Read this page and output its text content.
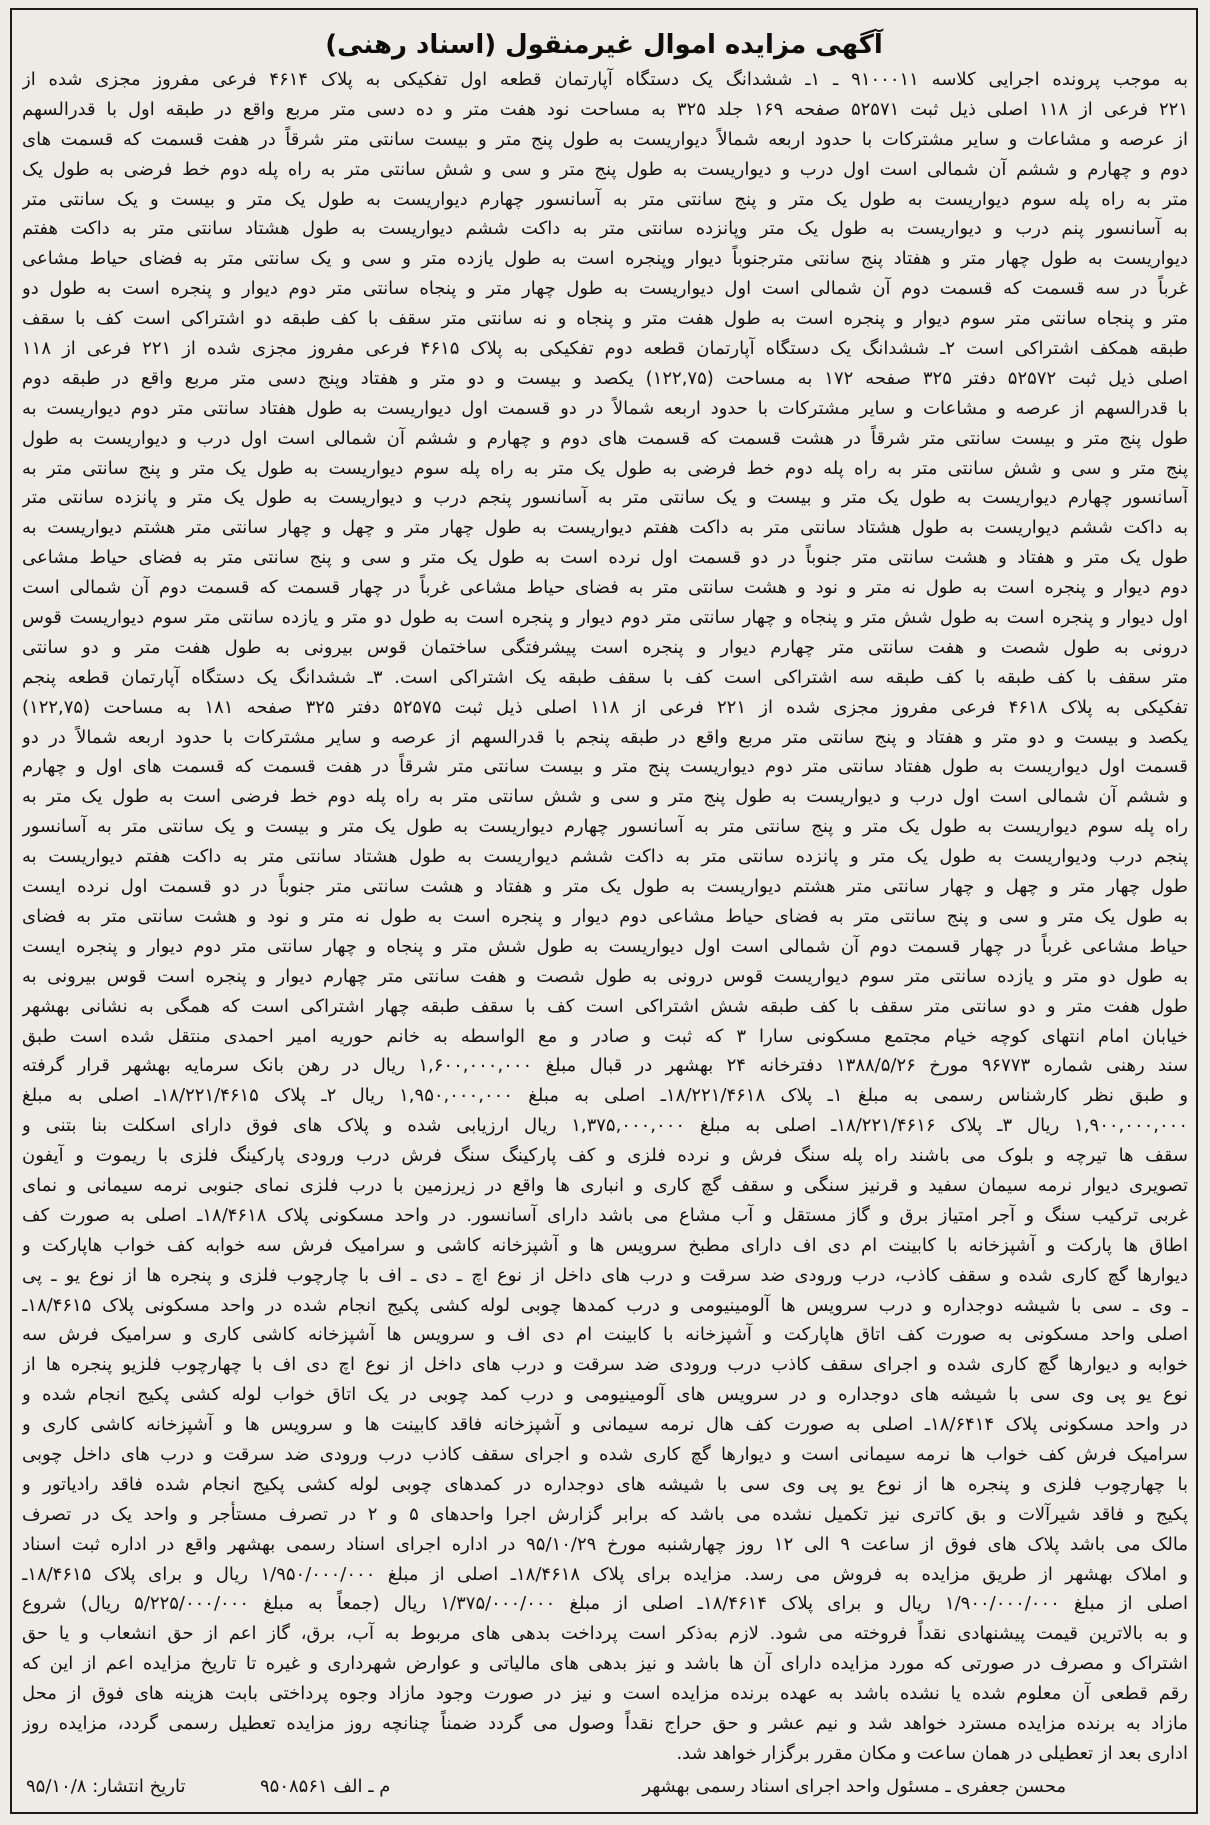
آگهی مزایده اموال غیرمنقول (اسناد رهنی)
به موجب پرونده اجرایی کلاسه ۹۱۰۰۰۱۱ ـ ۱ـ ششدانگ یک دستگاه آپارتمان قطعه اول تفکیکی به پلاک ۴۶۱۴ فرعی مفروز مجزی شده از
۲۲۱ فرعی از ۱۱۸ اصلی ذیل ثبت ۵۲۵۷۱ صفحه ۱۶۹ جلد ۳۲۵ به مساحت نود هفت متر و ده دسی متر مربع واقع در طبقه اول با قدرالسهم
از عرصه و مشاعات و سایر مشترکات با حدود اربعه شمالاً دیواریست به طول پنج متر و بیست سانتی متر شرقاً در هفت قسمت که قسمت های
دوم و چهارم و ششم آن شمالی است اول درب و دیواریست به طول پنج متر و سی و شش سانتی متر به راه پله دوم خط فرضی به طول یک
متر به راه پله سوم دیواریست به طول یک متر و پنج سانتی متر به آسانسور چهارم دیواریست به طول یک متر و بیست و یک سانتی متر
به آسانسور پنم درب و دیواریست به طول یک متر وپانزده سانتی متر به داکت ششم دیواریست به طول هشتاد سانتی متر به داکت هفتم
دیواریست به طول چهار متر و هفتاد پنج سانتی مترجنوباً دیوار وپنجره است به طول یازده متر و سی و یک سانتی متر به فضای حیاط مشاعی
غرباً در سه قسمت که قسمت دوم آن شمالی است اول دیواریست به طول چهار متر و پنجاه سانتی متر دوم دیوار و پنجره است به طول دو
متر و پنجاه سانتی متر سوم دیوار و پنجره است به طول هفت متر و پنجاه و نه سانتی متر سقف با کف طبقه دو اشتراکی است کف با سقف
طبقه همکف اشتراکی است ۲ـ ششدانگ یک دستگاه آپارتمان قطعه دوم تفکیکی به پلاک ۴۶۱۵ فرعی مفروز مجزی شده از ۲۲۱ فرعی از ۱۱۸
اصلی ذیل ثبت ۵۲۵۷۲ دفتر ۳۲۵ صفحه ۱۷۲ به مساحت (۱۲۲,۷۵) یکصد و بیست و دو متر و هفتاد وپنج دسی متر مربع واقع در طبقه دوم
با قدرالسهم از عرصه و مشاعات و سایر مشترکات با حدود اربعه شمالاً در دو قسمت اول دیواریست به طول هفتاد سانتی متر دوم دیواریست به
طول پنج متر و بیست سانتی متر شرقاً در هشت قسمت که قسمت های دوم و چهارم و ششم آن شمالی است اول درب و دیواریست به طول
پنج متر و سی و شش سانتی متر به راه پله دوم خط فرضی به طول یک متر به راه پله سوم دیواریست به طول یک متر و پنج سانتی متر به
آسانسور چهارم دیواریست به طول یک متر و بیست و یک سانتی متر به آسانسور پنجم درب و دیواریست به طول یک متر و پانزده سانتی متر
به داکت ششم دیواریست به طول هشتاد سانتی متر به داکت هفتم دیواریست به طول چهار متر و چهل و چهار سانتی متر هشتم دیواریست به
طول یک متر و هفتاد و هشت سانتی متر جنوباً در دو قسمت اول نرده است به طول یک متر و سی و پنج سانتی متر به فضای حیاط مشاعی
دوم دیوار و پنجره است به طول نه متر و نود و هشت سانتی متر به فضای حیاط مشاعی غرباً در چهار قسمت که قسمت دوم آن شمالی است
اول دیوار و پنجره است به طول شش متر و پنجاه و چهار سانتی متر دوم دیوار و پنجره است به طول دو متر و یازده سانتی متر سوم دیواریست قوس
درونی به طول شصت و هفت سانتی متر چهارم دیوار و پنجره است پیشرفتگی ساختمان قوس بیرونی به طول هفت متر و دو سانتی
متر سقف با کف طبقه با کف طبقه سه اشتراکی است کف با سقف طبقه یک اشتراکی است. ۳ـ ششدانگ یک دستگاه آپارتمان قطعه پنجم
تفکیکی به پلاک ۴۶۱۸ فرعی مفروز مجزی شده از ۲۲۱ فرعی از ۱۱۸ اصلی ذیل ثبت ۵۲۵۷۵ دفتر ۳۲۵ صفحه ۱۸۱ به مساحت (۱۲۲,۷۵)
یکصد و بیست و دو متر و هفتاد و پنج سانتی متر مربع واقع در طبقه پنجم با قدرالسهم از عرصه و سایر مشترکات با حدود اربعه شمالاً در دو
قسمت اول دیواریست به طول هفتاد سانتی متر دوم دیواریست پنج متر و بیست سانتی متر شرقاً در هفت قسمت که قسمت های اول و چهارم
و ششم آن شمالی است اول درب و دیواریست به طول پنج متر و سی و شش سانتی متر به راه پله دوم خط فرضی است به طول یک متر به
راه پله سوم دیواریست به طول یک متر و پنج سانتی متر به آسانسور چهارم دیواریست به طول یک متر و بیست و یک سانتی متر به آسانسور
پنجم درب ودیواریست به طول یک متر و پانزده سانتی متر به داکت ششم دیواریست به طول هشتاد سانتی متر به داکت هفتم دیواریست به
طول چهار متر و چهل و چهار سانتی متر هشتم دیواریست به طول یک متر و هفتاد و هشت سانتی متر جنوباً در دو قسمت اول نرده ایست
به طول یک متر و سی و پنج سانتی متر به فضای حیاط مشاعی دوم دیوار و پنجره است به طول نه متر و نود و هشت سانتی متر به فضای
حیاط مشاعی غرباً در چهار قسمت دوم آن شمالی است اول دیواریست به طول شش متر و پنجاه و چهار سانتی متر دوم دیوار و پنجره ایست
به طول دو متر و یازده سانتی متر سوم دیواریست قوس درونی به طول شصت و هفت سانتی متر چهارم دیوار و پنجره است قوس بیرونی به
طول هفت متر و دو سانتی متر سقف با کف طبقه شش اشتراکی است کف با سقف طبقه چهار اشتراکی است که همگی به نشانی بهشهر
خیابان امام انتهای کوچه خیام مجتمع مسکونی سارا ۳ که ثبت و صادر و مع الواسطه به خانم حوریه امیر احمدی منتقل شده است طبق
سند رهنی شماره ۹۶۷۷۳ مورخ ۱۳۸۸/۵/۲۶ دفترخانه ۲۴ بهشهر در قبال مبلغ ۱,۶۰۰,۰۰۰,۰۰۰ ریال در رهن بانک سرمایه بهشهر قرار گرفته
و طبق نظر کارشناس رسمی به مبلغ ۱ـ پلاک ۱۸/۲۲۱/۴۶۱۸ـ اصلی به مبلغ ۱,۹۵۰,۰۰۰,۰۰۰ ریال ۲ـ پلاک ۱۸/۲۲۱/۴۶۱۵ـ اصلی به مبلغ
۱,۹۰۰,۰۰۰,۰۰۰ ریال ۳ـ پلاک ۱۸/۲۲۱/۴۶۱۶ـ اصلی به مبلغ ۱,۳۷۵,۰۰۰,۰۰۰ ریال ارزیابی شده و پلاک های فوق دارای اسکلت بنا بتنی و
سقف ها تیرچه و بلوک می باشند راه پله سنگ فرش و نرده فلزی و کف پارکینگ سنگ فرش درب ورودی پارکینگ فلزی با ریموت و آیفون
تصویری دیوار نرمه سیمان سفید و قرنیز سنگی و سقف گچ کاری و انباری ها واقع در زیرزمین با درب فلزی نمای جنوبی نرمه سیمانی و نمای
غربی ترکیب سنگ و آجر امتیاز برق و گاز مستقل و آب مشاع می باشد دارای آسانسور. در واحد مسکونی پلاک ۱۸/۴۶۱۸ـ اصلی به صورت کف
اطاق ها پارکت و آشپزخانه با کابینت ام دی اف دارای مطبخ سرویس ها و آشپزخانه کاشی و سرامیک فرش سه خوابه کف خواب هاپارکت و
دیوارها گچ کاری شده و سقف کاذب، درب ورودی ضد سرقت و درب های داخل از نوع اچ ـ دی ـ اف با چارچوب فلزی و پنجره ها از نوع یو ـ پی
ـ وی ـ سی با شیشه دوجداره و درب سرویس ها آلومینیومی و درب کمدها چوبی لوله کشی پکیج انجام شده در واحد مسکونی پلاک ۱۸/۴۶۱۵ـ
اصلی واحد مسکونی به صورت کف اتاق هاپارکت و آشپزخانه با کابینت ام دی اف و سرویس ها آشپزخانه کاشی کاری و سرامیک فرش سه
خوابه و دیوارها گچ کاری شده و اجرای سقف کاذب درب ورودی ضد سرقت و درب های داخل از نوع اچ دی اف با چهارچوب فلزیو پنجره ها از
نوع یو پی وی سی با شیشه های دوجداره و در سرویس های آلومینیومی و درب کمد چوبی در یک اتاق خواب لوله کشی پکیج انجام شده و
در واحد مسکونی پلاک ۱۸/۶۴۱۴ـ اصلی به صورت کف هال نرمه سیمانی و آشپزخانه فاقد کابینت ها و سرویس ها و آشپزخانه کاشی کاری و
سرامیک فرش کف خواب ها نرمه سیمانی است و دیوارها گچ کاری شده و اجرای سقف کاذب درب ورودی ضد سرقت و درب های داخل چوبی
با چهارچوب فلزی و پنجره ها از نوع یو پی وی سی با شیشه های دوجداره در کمدهای چوبی لوله کشی پکیج انجام شده فاقد رادیاتور و
پکیج و فاقد شیرآلات و بق کاتری نیز تکمیل نشده می باشد که برابر گزارش اجرا واحدهای ۵ و ۲ در تصرف مستأجر و واحد یک در تصرف
مالک می باشد پلاک های فوق از ساعت ۹ الی ۱۲ روز چهارشنبه مورخ ۹۵/۱۰/۲۹ در اداره اجرای اسناد رسمی بهشهر واقع در اداره ثبت اسناد
و املاک بهشهر از طریق مزایده به فروش می رسد. مزایده برای پلاک ۱۸/۴۶۱۸ـ اصلی از مبلغ ۱/۹۵۰/۰۰۰/۰۰۰ ریال و برای پلاک ۱۸/۴۶۱۵ـ
اصلی از مبلغ ۱/۹۰۰/۰۰۰/۰۰۰ ریال و برای پلاک ۱۸/۴۶۱۴ـ اصلی از مبلغ ۱/۳۷۵/۰۰۰/۰۰۰ ریال (جمعاً به مبلغ ۵/۲۲۵/۰۰۰/۰۰۰ ریال) شروع
و به بالاترین قیمت پیشنهادی نقداً فروخته می شود. لازم به‌ذکر است پرداخت بدهی های مربوط به آب، برق، گاز اعم از حق انشعاب و یا حق
اشتراک و مصرف در صورتی که مورد مزایده دارای آن ها باشد و نیز بدهی های مالیاتی و عوارض شهرداری و غیره تا تاریخ مزایده اعم از این که
رقم قطعی آن معلوم شده یا نشده باشد به عهده برنده مزایده است و نیز در صورت وجود مازاد وجوه پرداختی بابت هزینه های فوق از محل
مازاد به برنده مزایده مسترد خواهد شد و نیم عشر و حق حراج نقداً وصول می گردد ضمناً چنانچه روز مزایده تعطیل رسمی گردد، مزایده روز
اداری بعد از تعطیلی در همان ساعت و مکان مقرر برگزار خواهد شد.
محسن جعفری ـ مسئول واحد اجرای اسناد رسمی بهشهر
م ـ الف ۹۵۰۸۵۶۱
تاریخ انتشار: ۹۵/۱۰/۸
